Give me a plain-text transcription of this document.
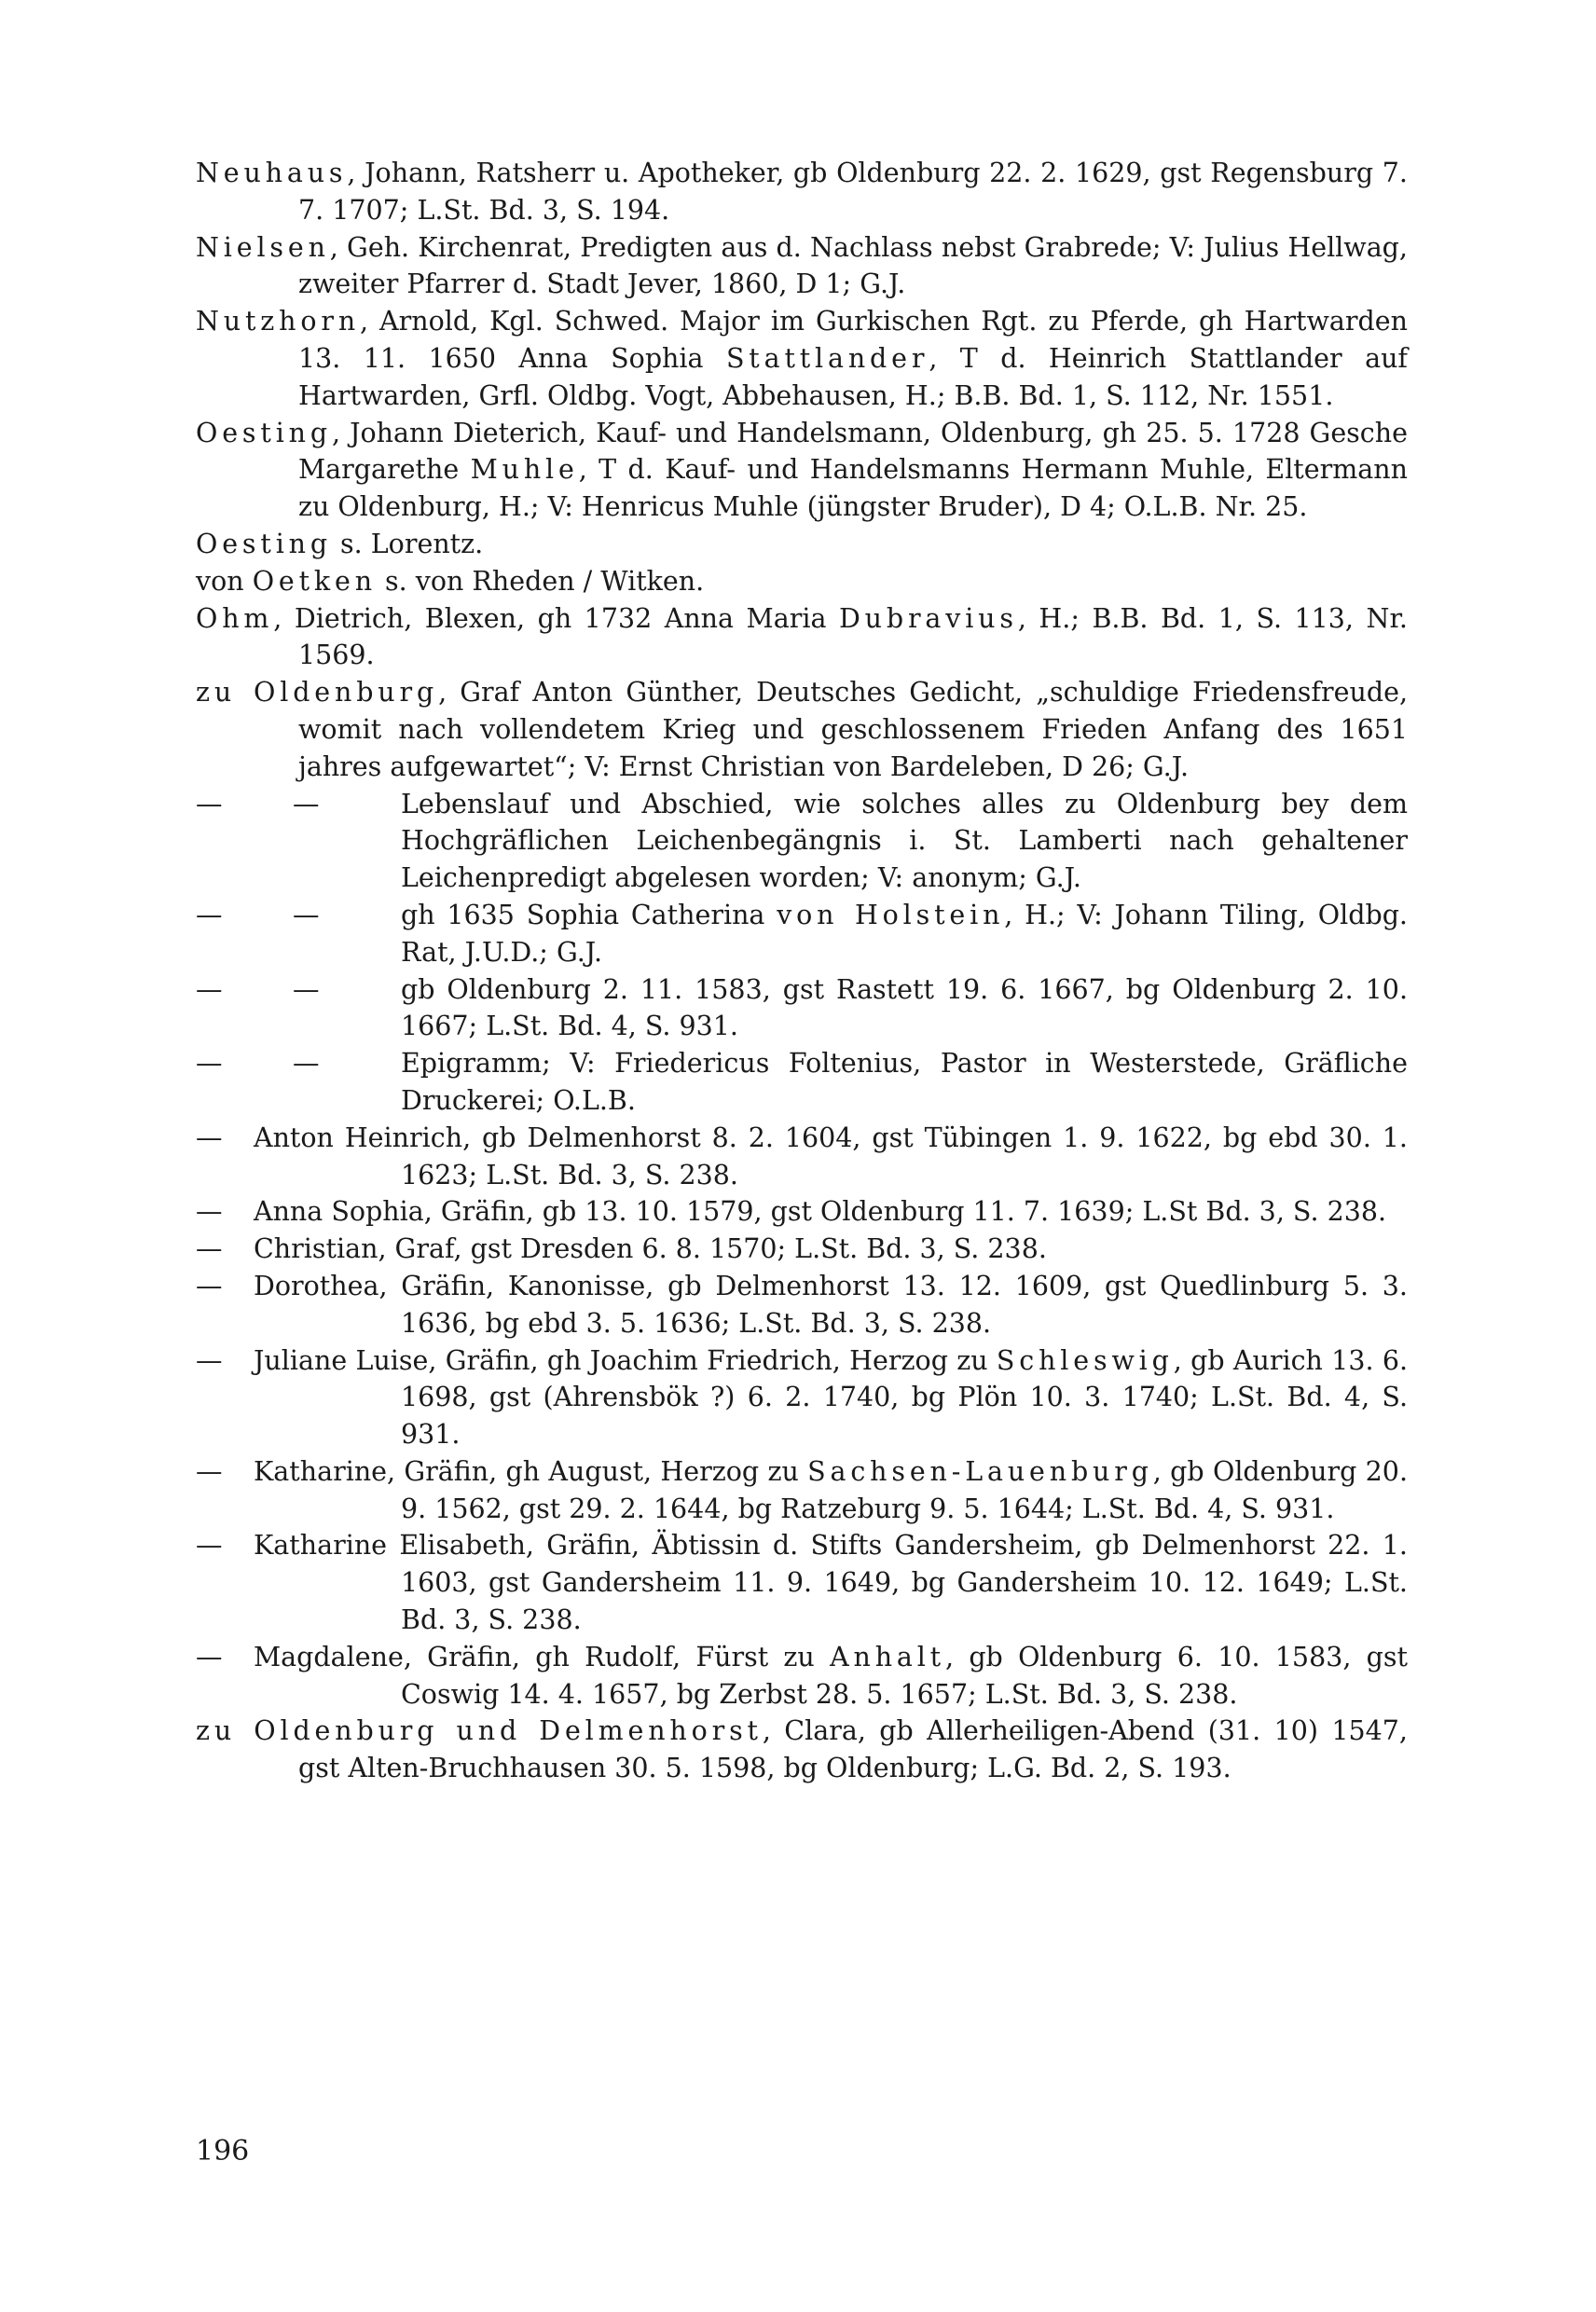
Neuhaus, Johann, Ratsherr u. Apotheker, gb Oldenburg 22. 2. 1629, gst Regensburg 7. 7. 1707; L.St. Bd. 3, S. 194.

Nielsen, Geh. Kirchenrat, Predigten aus d. Nachlass nebst Grabrede; V: Julius Hellwag, zweiter Pfarrer d. Stadt Jever, 1860, D 1; G.J.

Nutzhorn, Arnold, Kgl. Schwed. Major im Gurkischen Rgt. zu Pferde, gh Hartwarden 13. 11. 1650 Anna Sophia Stattlander, T d. Heinrich Stattlander auf Hartwarden, Grfl. Oldbg. Vogt, Abbehausen, H.; B.B. Bd. 1, S. 112, Nr. 1551.

Oesting, Johann Dieterich, Kauf- und Handelsmann, Oldenburg, gh 25. 5. 1728 Gesche Margarethe Muhle, T d. Kauf- und Handelsmanns Hermann Muhle, Eltermann zu Oldenburg, H.; V: Henricus Muhle (jüngster Bruder), D 4; O.L.B. Nr. 25.

Oesting s. Lorentz.

von Oetken s. von Rheden / Witken.

Ohm, Dietrich, Blexen, gh 1732 Anna Maria Dubravius, H.; B.B. Bd. 1, S. 113, Nr. 1569.

zu Oldenburg, Graf Anton Günther, Deutsches Gedicht, „schuldige Friedensfreude, womit nach vollendetem Krieg und geschlossenem Frieden Anfang des 1651 jahres aufgewartet“; V: Ernst Christian von Bardeleben, D 26; G.J.

—	—	Lebenslauf und Abschied, wie solches alles zu Oldenburg bey dem Hochgräflichen Leichenbegängnis i. St. Lamberti nach gehaltener Leichenpredigt abgelesen worden; V: anonym; G.J.

—	—	gh 1635 Sophia Catherina von Holstein, H.; V: Johann Tiling, Oldbg. Rat, J.U.D.; G.J.

—	—	gb Oldenburg 2. 11. 1583, gst Rastett 19. 6. 1667, bg Oldenburg 2. 10. 1667; L.St. Bd. 4, S. 931.

—	—	Epigramm; V: Friedericus Foltenius, Pastor in Westerstede, Gräfliche Druckerei; O.L.B.

— Anton Heinrich, gb Delmenhorst 8. 2. 1604, gst Tübingen 1. 9. 1622, bg ebd 30. 1. 1623; L.St. Bd. 3, S. 238.

— Anna Sophia, Gräfin, gb 13. 10. 1579, gst Oldenburg 11. 7. 1639; L.St Bd. 3, S. 238.

— Christian, Graf, gst Dresden 6. 8. 1570; L.St. Bd. 3, S. 238.

— Dorothea, Gräfin, Kanonisse, gb Delmenhorst 13. 12. 1609, gst Quedlinburg 5. 3. 1636, bg ebd 3. 5. 1636; L.St. Bd. 3, S. 238.

— Juliane Luise, Gräfin, gh Joachim Friedrich, Herzog zu Schleswig, gb Aurich 13. 6. 1698, gst (Ahrensbök ?) 6. 2. 1740, bg Plön 10. 3. 1740; L.St. Bd. 4, S. 931.

— Katharine, Gräfin, gh August, Herzog zu Sachsen-Lauenburg, gb Oldenburg 20. 9. 1562, gst 29. 2. 1644, bg Ratzeburg 9. 5. 1644; L.St. Bd. 4, S. 931.

— Katharine Elisabeth, Gräfin, Äbtissin d. Stifts Gandersheim, gb Delmenhorst 22. 1. 1603, gst Gandersheim 11. 9. 1649, bg Gandersheim 10. 12. 1649; L.St. Bd. 3, S. 238.

— Magdalene, Gräfin, gh Rudolf, Fürst zu Anhalt, gb Oldenburg 6. 10. 1583, gst Coswig 14. 4. 1657, bg Zerbst 28. 5. 1657; L.St. Bd. 3, S. 238.

zu Oldenburg und Delmenhorst, Clara, gb Allerheiligen-Abend (31. 10) 1547, gst Alten-Bruchhausen 30. 5. 1598, bg Oldenburg; L.G. Bd. 2, S. 193.

196
